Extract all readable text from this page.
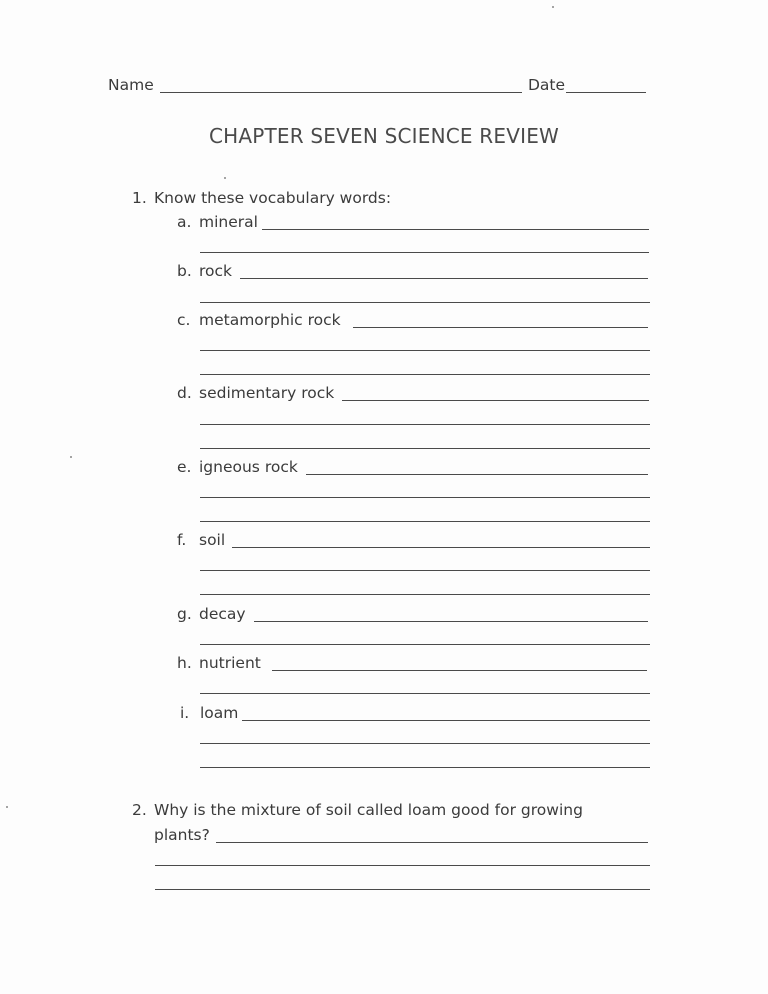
Name	Date
CHAPTER SEVEN SCIENCE REVIEW
1. Know these vocabulary words:
a. mineral
b. rock
c. metamorphic rock
d. sedimentary rock
e. igneous rock
f. soil
g. decay
h. nutrient
i. loam
2. Why is the mixture of soil called loam good for growing
plants?
